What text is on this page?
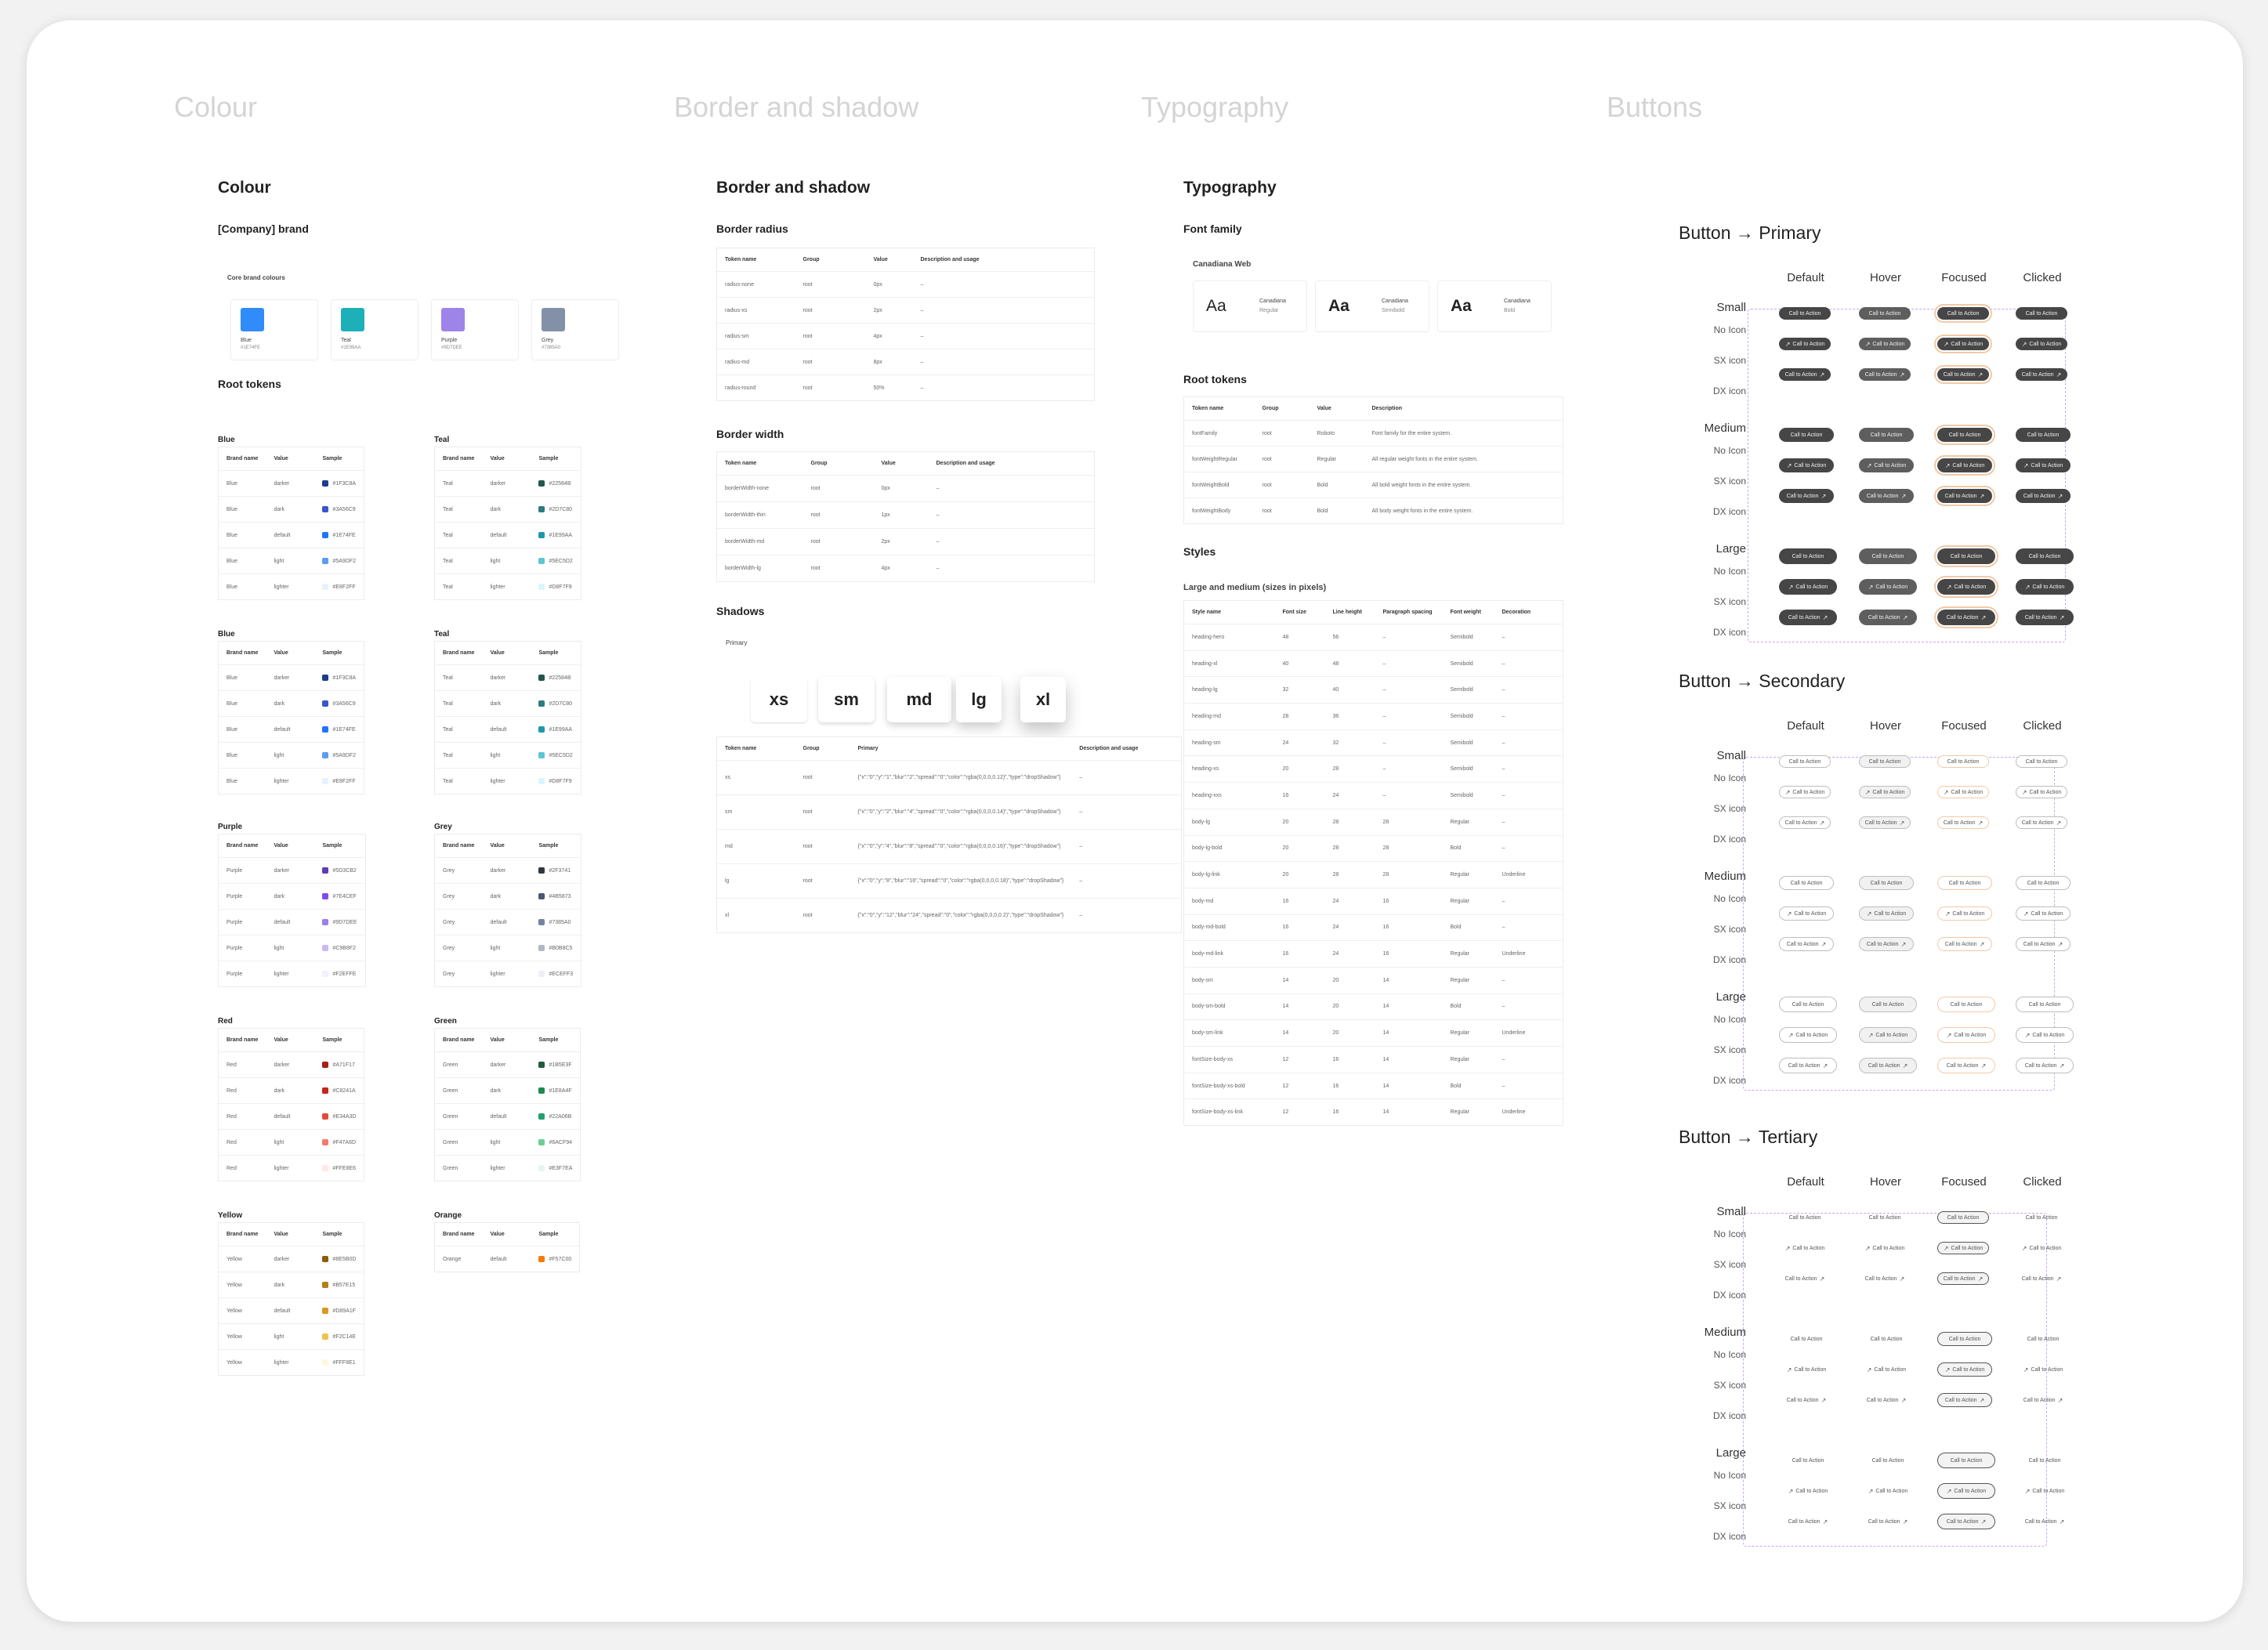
Colour	Border and shadow	Typography	Buttons
Colour
[Company] brand
Core brand colours
Blue
#1E74FE
Teal
#1E99AA
Purple
#9D7DEE
Grey
#7385A0
Root tokens
Blue
Brand name	Value	Sample
Blue	darker	#1F3C8A
Blue	dark	#3A56C9
Blue	default	#1E74FE
Blue	light	#5A9DF2
Blue	lighter	#E8F2FF
Teal
Brand name	Value	Sample
Teal	darker	#22584B
Teal	dark	#2D7C80
Teal	default	#1E99AA
Teal	light	#5EC5D2
Teal	lighter	#D8F7F9
Blue
Brand name	Value	Sample
Blue	darker	#1F3C8A
Blue	dark	#3A56C9
Blue	default	#1E74FE
Blue	light	#5A9DF2
Blue	lighter	#E8F2FF
Teal
Brand name	Value	Sample
Teal	darker	#22584B
Teal	dark	#2D7C80
Teal	default	#1E99AA
Teal	light	#5EC5D2
Teal	lighter	#D8F7F9
Purple
Brand name	Value	Sample
Purple	darker	#5D3CB2
Purple	dark	#7E4CEF
Purple	default	#9D7DEE
Purple	light	#C9B8F2
Purple	lighter	#F2EFFE
Grey
Brand name	Value	Sample
Grey	darker	#2F3741
Grey	dark	#4B5873
Grey	default	#7385A0
Grey	light	#B0B8C5
Grey	lighter	#ECEFF3
Red
Brand name	Value	Sample
Red	darker	#A71F17
Red	dark	#C8241A
Red	default	#E34A3D
Red	light	#F47A6D
Red	lighter	#FFE8E6
Green
Brand name	Value	Sample
Green	darker	#1B5E3F
Green	dark	#1E8A4F
Green	default	#22A06B
Green	light	#6ACF94
Green	lighter	#E3F7EA
Yellow
Brand name	Value	Sample
Yellow	darker	#8E5B0D
Yellow	dark	#B57E15
Yellow	default	#D89A1F
Yellow	light	#F2C14E
Yellow	lighter	#FFF8E1
Orange
Brand name	Value	Sample
Orange	default	#F57C00
Border and shadow
Border radius
Token name	Group	Value	Description and usage
radius-none	root	0px	–
radius-xs	root	2px	–
radius-sm	root	4px	–
radius-md	root	8px	–
radius-round	root	50%	–
Border width
Token name	Group	Value	Description and usage
borderWidth-none	root	0px	–
borderWidth-thin	root	1px	–
borderWidth-md	root	2px	–
borderWidth-lg	root	4px	–
Shadows
Primary
xs	sm	md	lg	xl
Token name	Group	Primary	Description and usage
xs	root	{"x":"0","y":"1","blur":"2","spread":"0","color":"rgba(0,0,0,0.12)","type":"dropShadow"}	–
sm	root	{"x":"0","y":"2","blur":"4","spread":"0","color":"rgba(0,0,0,0.14)","type":"dropShadow"}	–
md	root	{"x":"0","y":"4","blur":"8","spread":"0","color":"rgba(0,0,0,0.16)","type":"dropShadow"}	–
lg	root	{"x":"0","y":"8","blur":"16","spread":"0","color":"rgba(0,0,0,0.18)","type":"dropShadow"}	–
xl	root	{"x":"0","y":"12","blur":"24","spread":"0","color":"rgba(0,0,0,0.2)","type":"dropShadow"}	–
Typography
Font family
Canadiana Web
Aa	Canadiana
Regular	Aa	Canadiana
Semibold	Aa	Canadiana
Bold
Root tokens
Token name	Group	Value	Description
fontFamily	root	Roboto	Font family for the entire system.
fontWeightRegular	root	Regular	All regular weight fonts in the entire system.
fontWeightBold	root	Bold	All bold weight fonts in the entire system.
fontWeightBody	root	Bold	All body weight fonts in the entire system.
Styles
Large and medium (sizes in pixels)
Style name	Font size	Line height	Paragraph spacing	Font weight	Decoration
heading-hero	48	56	–	Semibold	–
heading-xl	40	48	–	Semibold	–
heading-lg	32	40	–	Semibold	–
heading-md	28	36	–	Semibold	–
heading-sm	24	32	–	Semibold	–
heading-xs	20	28	–	Semibold	–
heading-xxs	16	24	–	Semibold	–
body-lg	20	28	28	Regular	–
body-lg-bold	20	28	28	Bold	–
body-lg-link	20	28	28	Regular	Underline
body-md	16	24	16	Regular	–
body-md-bold	16	24	16	Bold	–
body-md-link	16	24	16	Regular	Underline
body-sm	14	20	14	Regular	–
body-sm-bold	14	20	14	Bold	–
body-sm-link	14	20	14	Regular	Underline
fontSize-body-xs	12	16	14	Regular	–
fontSize-body-xs-bold	12	16	14	Bold	–
fontSize-body-xs-link	12	16	14	Regular	Underline
Button → Primary
Default	Hover	Focused	Clicked
Small
No Icon
Call to Action	Call to Action	Call to Action	Call to Action
SX icon
↗ Call to Action	↗ Call to Action	↗ Call to Action	↗ Call to Action
DX icon
Call to Action ↗	Call to Action ↗	Call to Action ↗	Call to Action ↗
Medium
No Icon
Call to Action	Call to Action	Call to Action	Call to Action
SX icon
↗ Call to Action	↗ Call to Action	↗ Call to Action	↗ Call to Action
DX icon
Call to Action ↗	Call to Action ↗	Call to Action ↗	Call to Action ↗
Large
No Icon
Call to Action	Call to Action	Call to Action	Call to Action
SX icon
↗ Call to Action	↗ Call to Action	↗ Call to Action	↗ Call to Action
DX icon
Call to Action ↗	Call to Action ↗	Call to Action ↗	Call to Action ↗
Button → Secondary
Default	Hover	Focused	Clicked
Small
No Icon
Call to Action	Call to Action	Call to Action	Call to Action
SX icon
↗ Call to Action	↗ Call to Action	↗ Call to Action	↗ Call to Action
DX icon
Call to Action ↗	Call to Action ↗	Call to Action ↗	Call to Action ↗
Medium
No Icon
Call to Action	Call to Action	Call to Action	Call to Action
SX icon
↗ Call to Action	↗ Call to Action	↗ Call to Action	↗ Call to Action
DX icon
Call to Action ↗	Call to Action ↗	Call to Action ↗	Call to Action ↗
Large
No Icon
Call to Action	Call to Action	Call to Action	Call to Action
SX icon
↗ Call to Action	↗ Call to Action	↗ Call to Action	↗ Call to Action
DX icon
Call to Action ↗	Call to Action ↗	Call to Action ↗	Call to Action ↗
Button → Tertiary
Default	Hover	Focused	Clicked
Small
No Icon
Call to Action	Call to Action	Call to Action	Call to Action
SX icon
↗ Call to Action	↗ Call to Action	↗ Call to Action	↗ Call to Action
DX icon
Call to Action ↗	Call to Action ↗	Call to Action ↗	Call to Action ↗
Medium
No Icon
Call to Action	Call to Action	Call to Action	Call to Action
SX icon
↗ Call to Action	↗ Call to Action	↗ Call to Action	↗ Call to Action
DX icon
Call to Action ↗	Call to Action ↗	Call to Action ↗	Call to Action ↗
Large
No Icon
Call to Action	Call to Action	Call to Action	Call to Action
SX icon
↗ Call to Action	↗ Call to Action	↗ Call to Action	↗ Call to Action
DX icon
Call to Action ↗	Call to Action ↗	Call to Action ↗	Call to Action ↗
